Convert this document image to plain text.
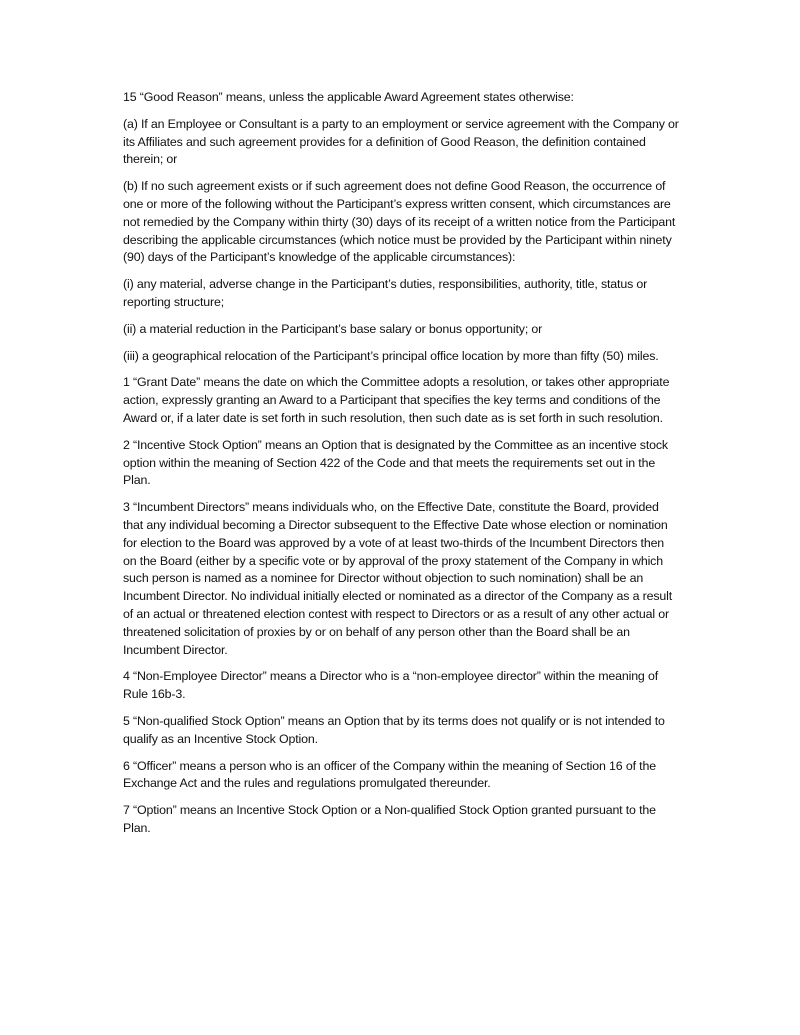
15 “Good Reason” means, unless the applicable Award Agreement states otherwise:

(a) If an Employee or Consultant is a party to an employment or service agreement with the Company or its Affiliates and such agreement provides for a definition of Good Reason, the definition contained therein; or

(b) If no such agreement exists or if such agreement does not define Good Reason, the occurrence of one or more of the following without the Participant’s express written consent, which circumstances are not remedied by the Company within thirty (30) days of its receipt of a written notice from the Participant describing the applicable circumstances (which notice must be provided by the Participant within ninety (90) days of the Participant’s knowledge of the applicable circumstances):

(i) any material, adverse change in the Participant’s duties, responsibilities, authority, title, status or reporting structure;

(ii) a material reduction in the Participant’s base salary or bonus opportunity; or

(iii) a geographical relocation of the Participant’s principal office location by more than fifty (50) miles.

1 “Grant Date” means the date on which the Committee adopts a resolution, or takes other appropriate action, expressly granting an Award to a Participant that specifies the key terms and conditions of the Award or, if a later date is set forth in such resolution, then such date as is set forth in such resolution.

2 “Incentive Stock Option” means an Option that is designated by the Committee as an incentive stock option within the meaning of Section 422 of the Code and that meets the requirements set out in the Plan.

3 “Incumbent Directors” means individuals who, on the Effective Date, constitute the Board, provided that any individual becoming a Director subsequent to the Effective Date whose election or nomination for election to the Board was approved by a vote of at least two-thirds of the Incumbent Directors then on the Board (either by a specific vote or by approval of the proxy statement of the Company in which such person is named as a nominee for Director without objection to such nomination) shall be an Incumbent Director. No individual initially elected or nominated as a director of the Company as a result of an actual or threatened election contest with respect to Directors or as a result of any other actual or threatened solicitation of proxies by or on behalf of any person other than the Board shall be an Incumbent Director.

4 “Non-Employee Director” means a Director who is a “non-employee director” within the meaning of Rule 16b-3.

5 “Non-qualified Stock Option” means an Option that by its terms does not qualify or is not intended to qualify as an Incentive Stock Option.

6 “Officer” means a person who is an officer of the Company within the meaning of Section 16 of the Exchange Act and the rules and regulations promulgated thereunder.

7 “Option” means an Incentive Stock Option or a Non-qualified Stock Option granted pursuant to the Plan.
